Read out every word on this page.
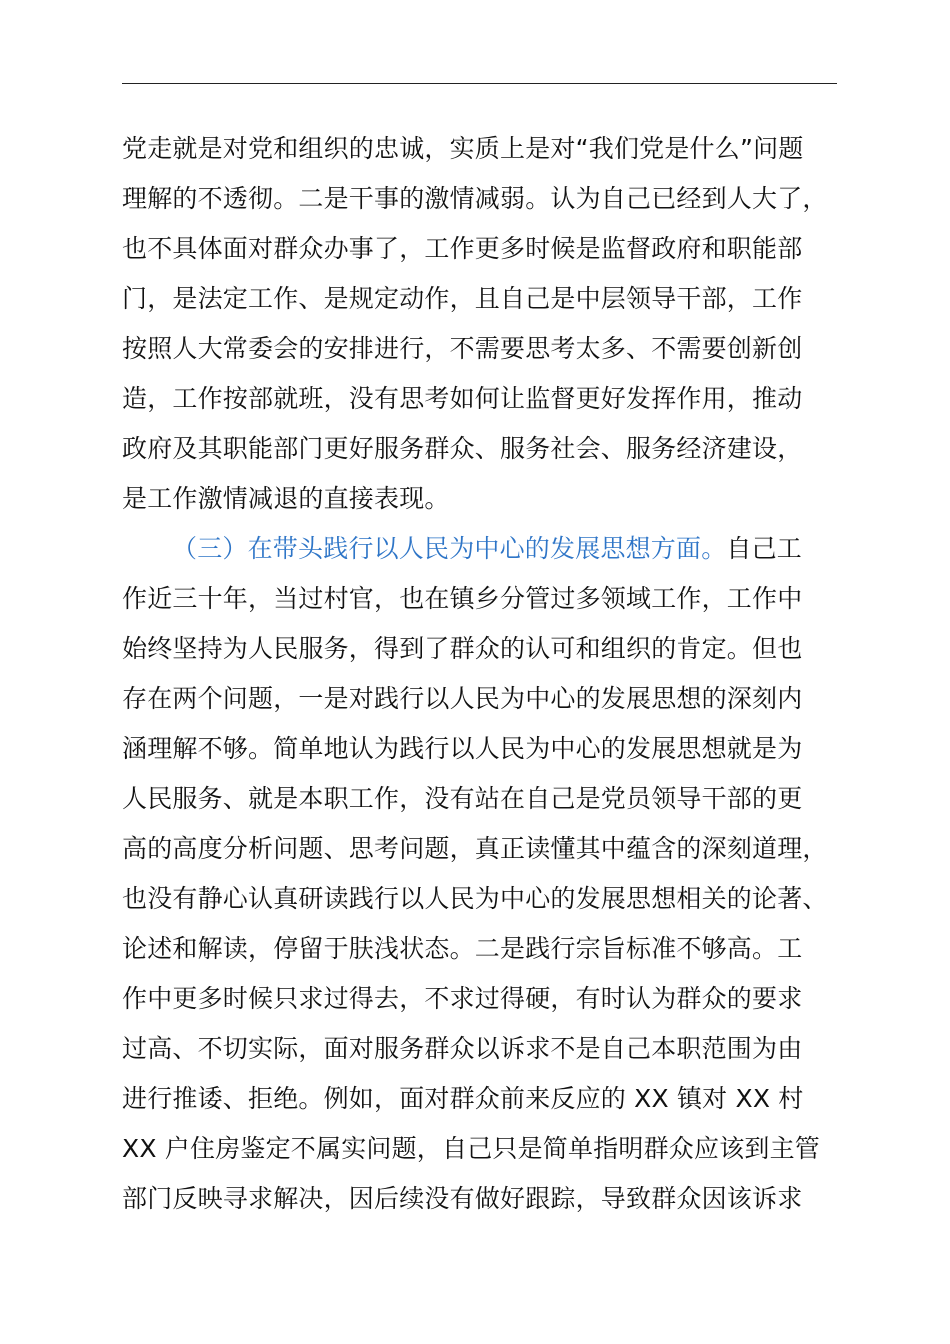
党走就是对党和组织的忠诚，实质上是对“我们党是什么”问题
理解的不透彻。二是干事的激情减弱。认为自己已经到人大了，
也不具体面对群众办事了，工作更多时候是监督政府和职能部
门，是法定工作、是规定动作，且自己是中层领导干部，工作
按照人大常委会的安排进行，不需要思考太多、不需要创新创
造，工作按部就班，没有思考如何让监督更好发挥作用，推动
政府及其职能部门更好服务群众、服务社会、服务经济建设，
是工作激情减退的直接表现。
（三）在带头践行以人民为中心的发展思想方面。自己工
作近三十年，当过村官，也在镇乡分管过多领域工作，工作中
始终坚持为人民服务，得到了群众的认可和组织的肯定。但也
存在两个问题，一是对践行以人民为中心的发展思想的深刻内
涵理解不够。简单地认为践行以人民为中心的发展思想就是为
人民服务、就是本职工作，没有站在自己是党员领导干部的更
高的高度分析问题、思考问题，真正读懂其中蕴含的深刻道理，
也没有静心认真研读践行以人民为中心的发展思想相关的论著、
论述和解读，停留于肤浅状态。二是践行宗旨标准不够高。工
作中更多时候只求过得去，不求过得硬，有时认为群众的要求
过高、不切实际，面对服务群众以诉求不是自己本职范围为由
进行推诿、拒绝。例如，面对群众前来反应的 XX 镇对 XX 村
XX 户住房鉴定不属实问题，自己只是简单指明群众应该到主管
部门反映寻求解决，因后续没有做好跟踪，导致群众因该诉求
